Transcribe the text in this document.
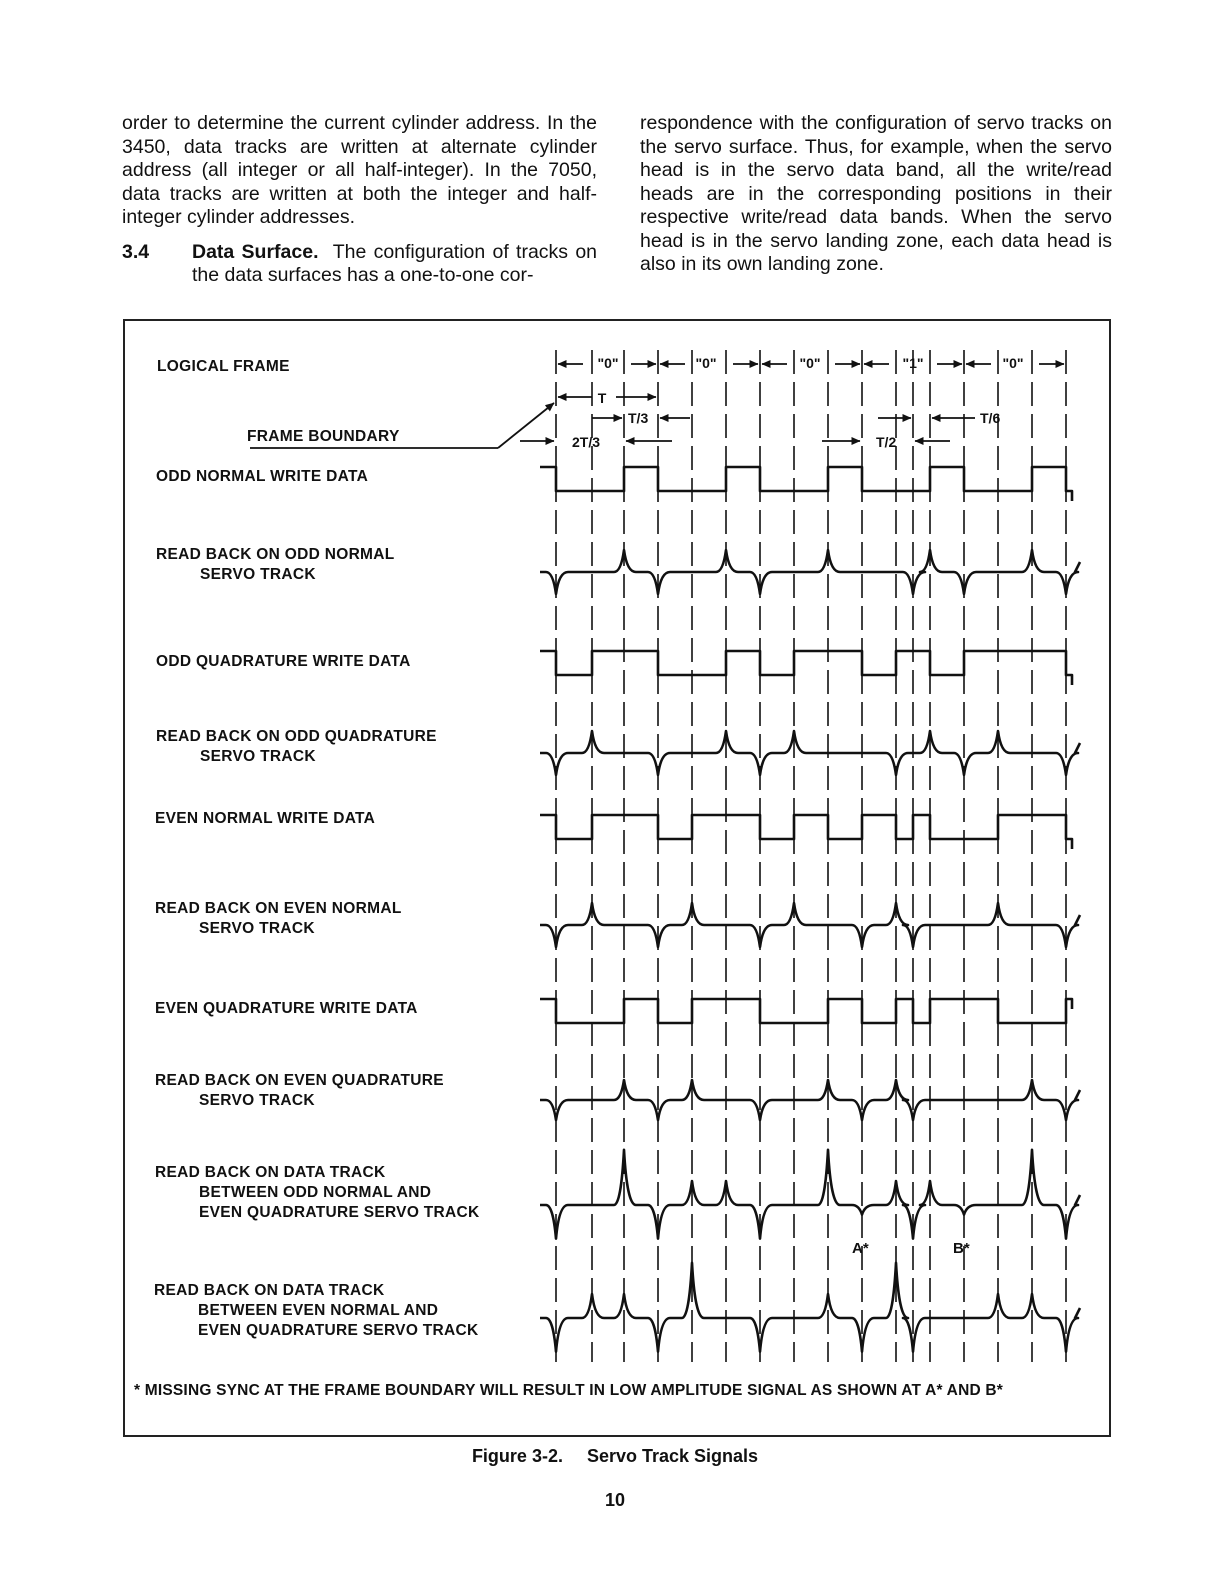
order to determine the current cylinder address. In the 3450, data tracks are written at alternate cylinder address (all integer or all half-integer). In the 7050, data tracks are written at both the integer and half-integer cylinder addresses.

3.4	Data Surface. The configuration of tracks on the data surfaces has a one-to-one cor-

respondence with the configuration of servo tracks on the servo surface. Thus, for example, when the servo head is in the servo data band, all the write/read heads are in the corresponding positions in their respective write/read data bands. When the servo head is in the servo landing zone, each data head is also in its own landing zone.

LOGICAL FRAME
FRAME BOUNDARY
ODD NORMAL WRITE DATA
READ BACK ON ODD NORMAL
SERVO TRACK
ODD QUADRATURE WRITE DATA
READ BACK ON ODD QUADRATURE
SERVO TRACK
EVEN NORMAL WRITE DATA
READ BACK ON EVEN NORMAL
SERVO TRACK
EVEN QUADRATURE WRITE DATA
READ BACK ON EVEN QUADRATURE
SERVO TRACK
READ BACK ON DATA TRACK
BETWEEN ODD NORMAL AND
EVEN QUADRATURE SERVO TRACK
READ BACK ON DATA TRACK
BETWEEN EVEN NORMAL AND
EVEN QUADRATURE SERVO TRACK
* MISSING SYNC AT THE FRAME BOUNDARY WILL RESULT IN LOW AMPLITUDE SIGNAL AS SHOWN AT A* AND B*
"0"	"0"	"0"	"1"	"0"
T
T/3	T/6
2T/3	T/2
A*	B*
Figure 3-2. Servo Track Signals
10
